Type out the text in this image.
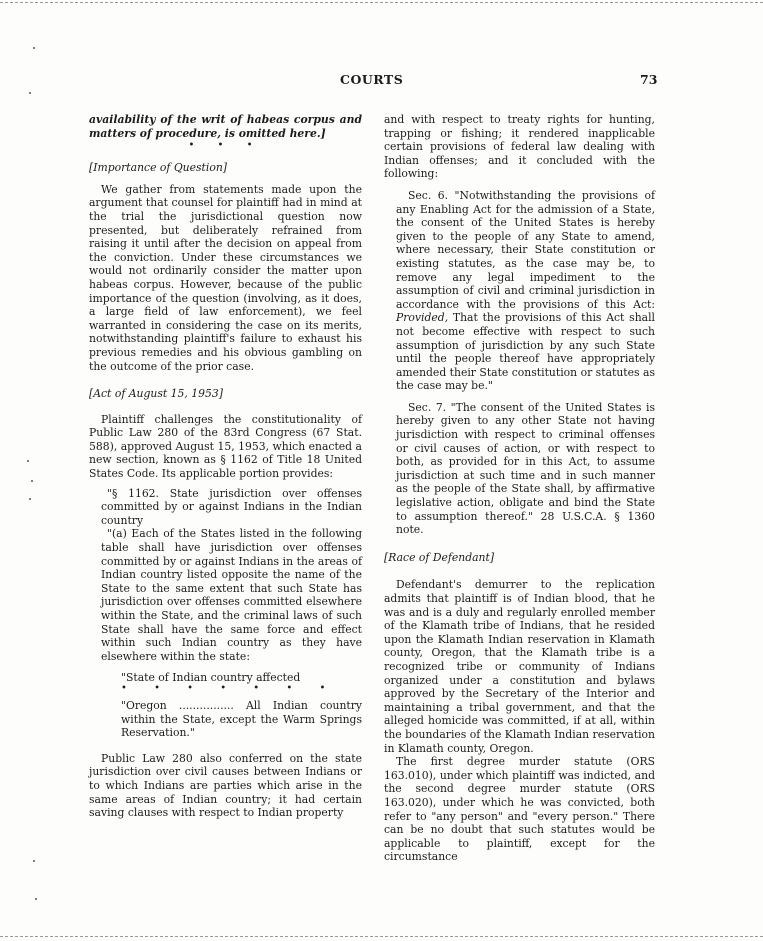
COURTS	73

availability of the writ of habeas corpus and matters of procedure, is omitted here.]

• • •

[Importance of Question]

We gather from statements made upon the argument that counsel for plaintiff had in mind at the trial the jurisdictional question now presented, but deliberately refrained from raising it until after the decision on appeal from the conviction. Under these circumstances we would not ordinarily consider the matter upon habeas corpus. However, because of the public importance of the question (involving, as it does, a large field of law enforcement), we feel warranted in considering the case on its merits, notwithstanding plaintiff's failure to exhaust his previous remedies and his obvious gambling on the outcome of the prior case.

[Act of August 15, 1953]

Plaintiff challenges the constitutionality of Public Law 280 of the 83rd Congress (67 Stat. 588), approved August 15, 1953, which enacted a new section, known as § 1162 of Title 18 United States Code. Its applicable portion provides:

"§ 1162. State jurisdiction over offenses committed by or against Indians in the Indian country

"(a) Each of the States listed in the following table shall have jurisdiction over offenses committed by or against Indians in the areas of Indian country listed opposite the name of the State to the same extent that such State has jurisdiction over offenses committed elsewhere within the State, and the criminal laws of such State shall have the same force and effect within such Indian country as they have elsewhere within the state:

"State of Indian country affected

• • • • • • •

"Oregon ................ All Indian country within the State, except the Warm Springs Reservation."

Public Law 280 also conferred on the state jurisdiction over civil causes between Indians or to which Indians are parties which arise in the same areas of Indian country; it had certain saving clauses with respect to Indian property

and with respect to treaty rights for hunting, trapping or fishing; it rendered inapplicable certain provisions of federal law dealing with Indian offenses; and it concluded with the following:

Sec. 6. "Notwithstanding the provisions of any Enabling Act for the admission of a State, the consent of the United States is hereby given to the people of any State to amend, where necessary, their State constitution or existing statutes, as the case may be, to remove any legal impediment to the assumption of civil and criminal jurisdiction in accordance with the provisions of this Act: Provided, That the provisions of this Act shall not become effective with respect to such assumption of jurisdiction by any such State until the people thereof have appropriately amended their State constitution or statutes as the case may be."

Sec. 7. "The consent of the United States is hereby given to any other State not having jurisdiction with respect to criminal offenses or civil causes of action, or with respect to both, as provided for in this Act, to assume jurisdiction at such time and in such manner as the people of the State shall, by affirmative legislative action, obligate and bind the State to assumption thereof." 28 U.S.C.A. § 1360 note.

[Race of Defendant]

Defendant's demurrer to the replication admits that plaintiff is of Indian blood, that he was and is a duly and regularly enrolled member of the Klamath tribe of Indians, that he resided upon the Klamath Indian reservation in Klamath county, Oregon, that the Klamath tribe is a recognized tribe or community of Indians organized under a constitution and bylaws approved by the Secretary of the Interior and maintaining a tribal government, and that the alleged homicide was committed, if at all, within the boundaries of the Klamath Indian reservation in Klamath county, Oregon.

The first degree murder statute (ORS 163.010), under which plaintiff was indicted, and the second degree murder statute (ORS 163.020), under which he was convicted, both refer to "any person" and "every person." There can be no doubt that such statutes would be applicable to plaintiff, except for the circumstance
